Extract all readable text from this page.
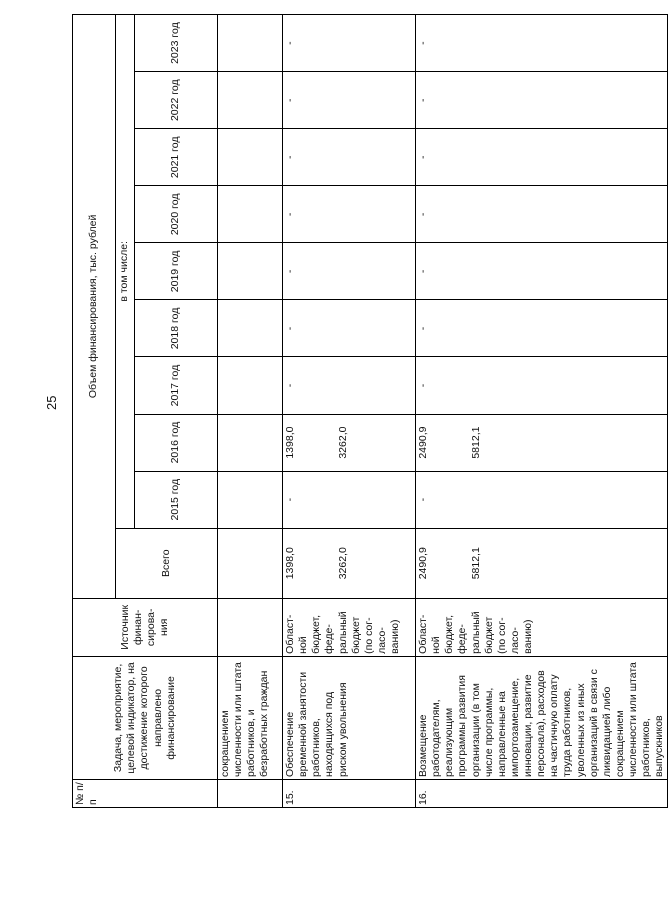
25
№ п/п	Задача, мероприятие, целевой индикатор, на достижение которого направлено финансирование	Источник финан-сирова-ния	Объем финансирования, тыс. рублей									
			Всего	в том числе:								
				2015 год	2016 год	2017 год	2018 год	2019 год	2020 год	2021 год	2022 год	2023 год
	сокращением численности или штата работников, и безработных граждан											
15.	Обеспечение временной занятости работников, находящихся под риском увольнения	Област-ной бюджет, феде-ральный бюджет (по сог-ласо-ванию)	1398,0 3262,0	-	1398,0 3262,0	-	-	-	-	-	-	-
16.	Возмещение работодателям, реализующим программы развития организации (в том числе программы, направленные на импортозамещение, инновации, развитие персонала), расходов на частичную оплату труда работников, уволенных из иных организаций в связи с ликвидацией либо сокращением численности или штата работников, выпускников	Област-ной бюджет, феде-ральный бюджет (по сог-ласо-ванию)	2490,9 5812,1	-	2490,9 5812,1	-	-	-	-	-	-	-
